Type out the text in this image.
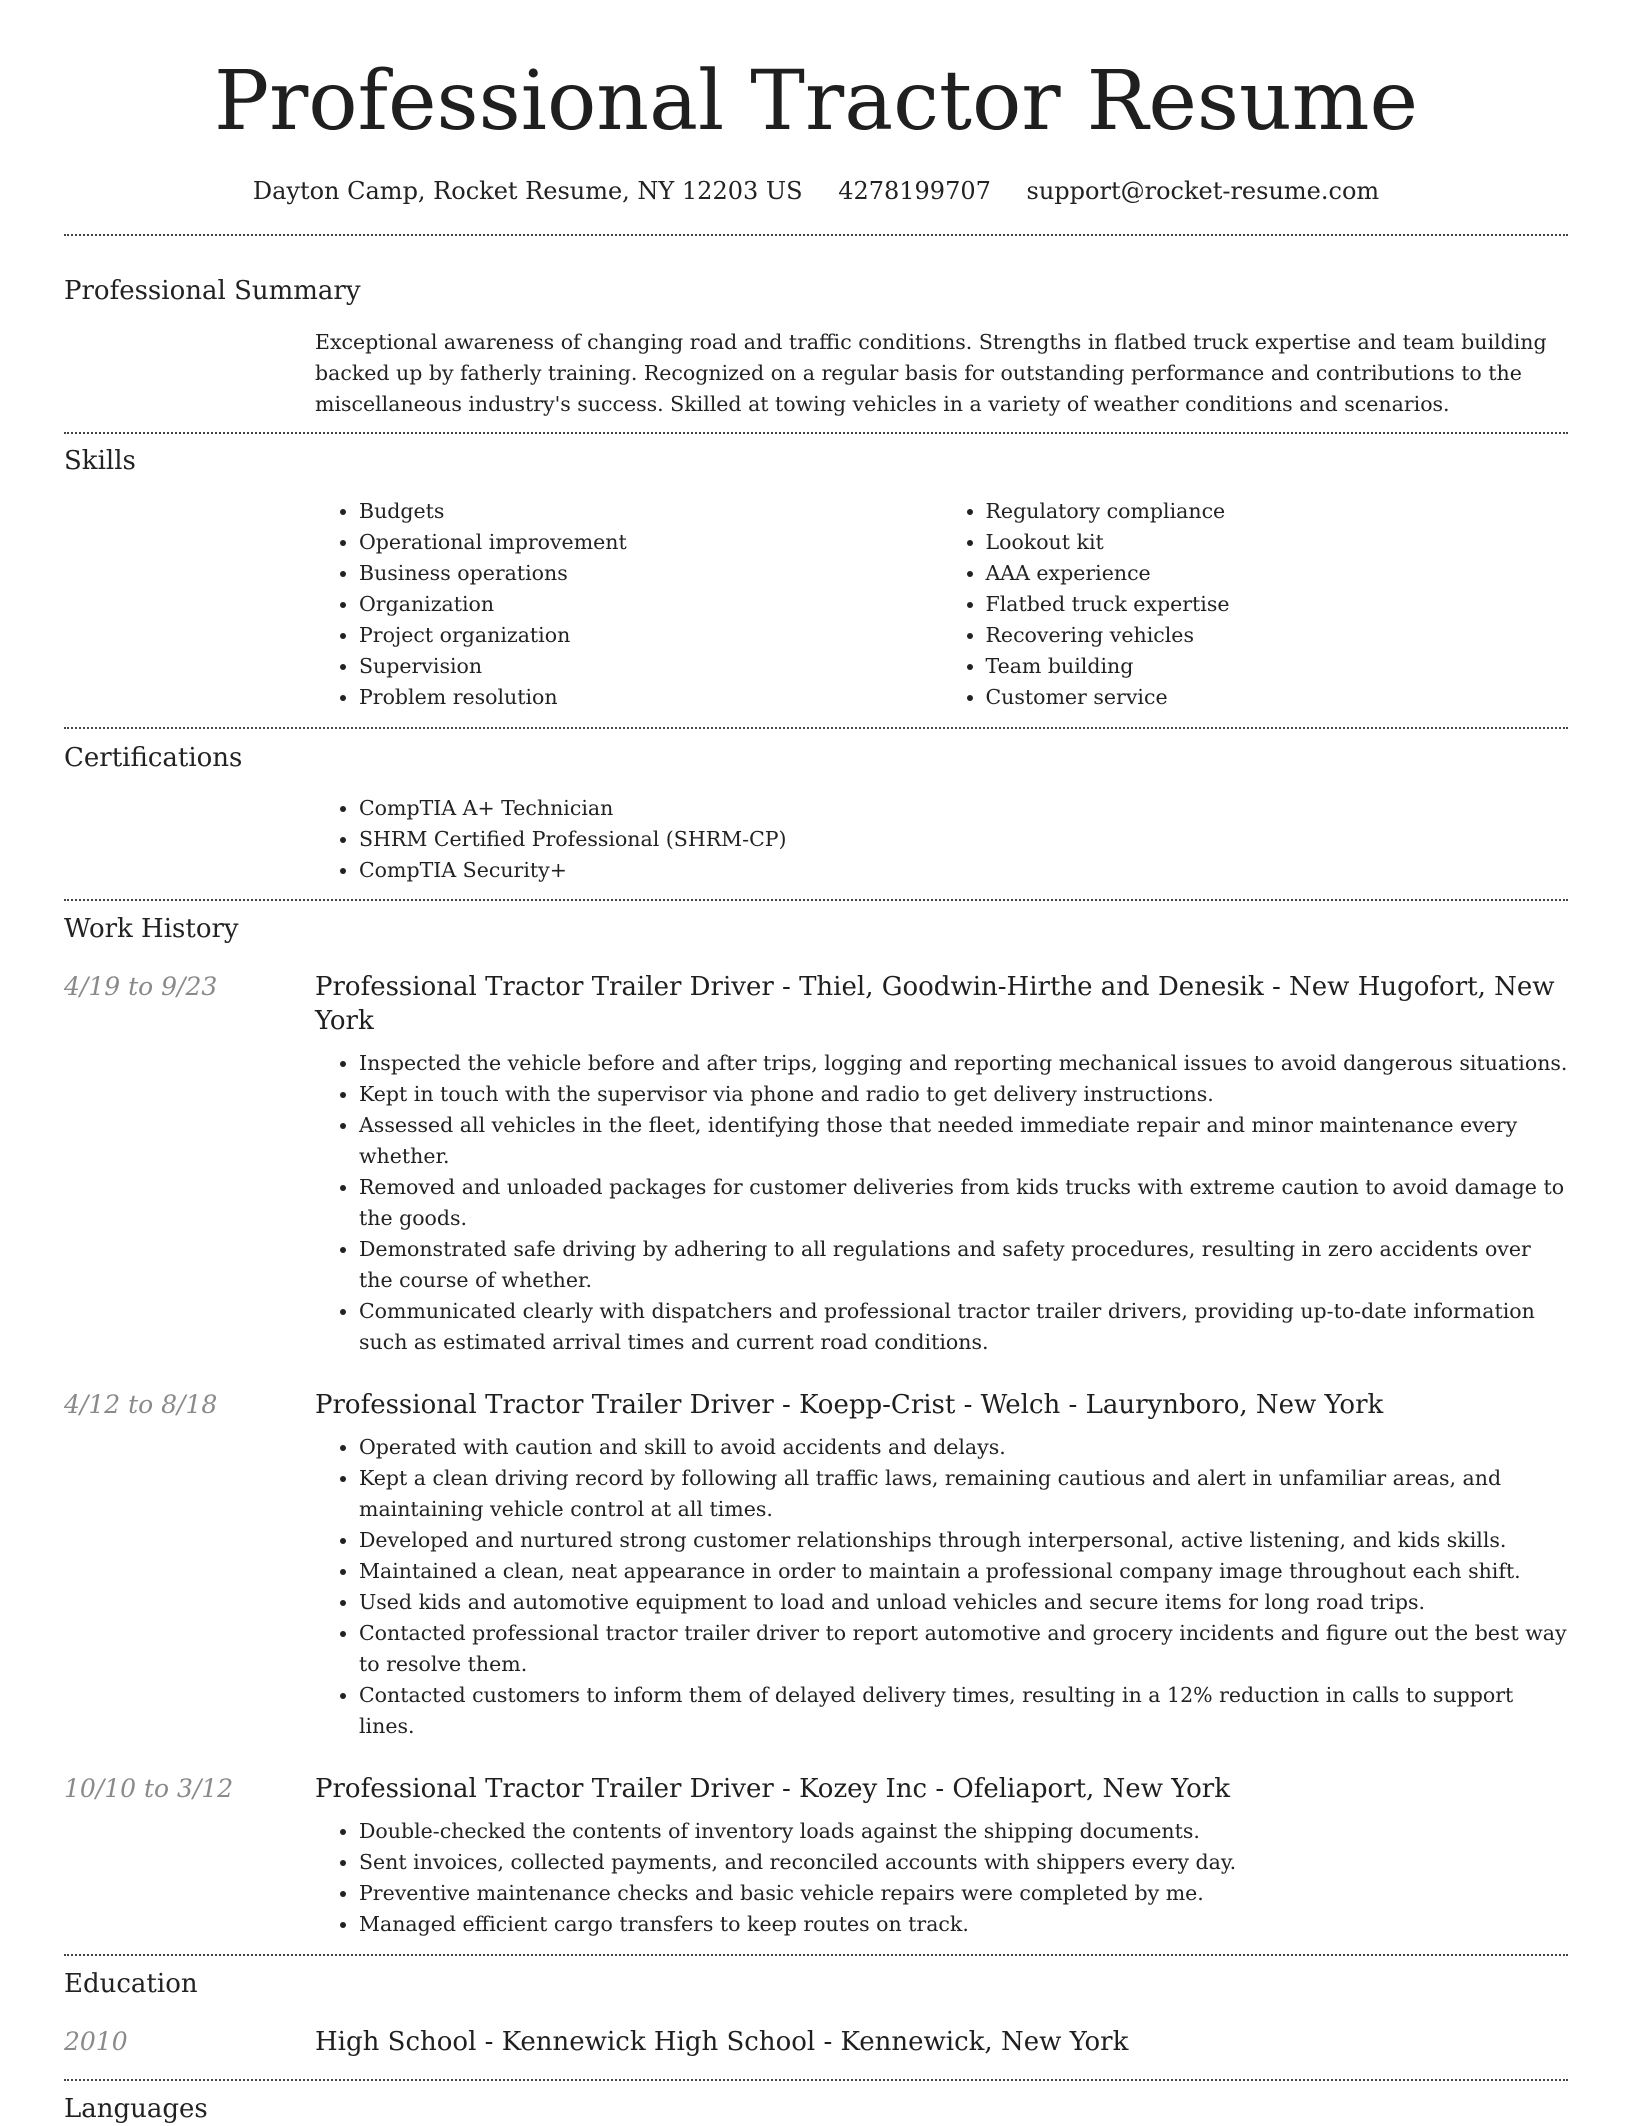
Professional Tractor Resume
Dayton Camp, Rocket Resume, NY 12203 US 4278199707 support@rocket-resume.com
Professional Summary
Exceptional awareness of changing road and traffic conditions. Strengths in flatbed truck expertise and team building backed up by fatherly training. Recognized on a regular basis for outstanding performance and contributions to the miscellaneous industry's success. Skilled at towing vehicles in a variety of weather conditions and scenarios.
Skills
• Budgets
• Operational improvement
• Business operations
• Organization
• Project organization
• Supervision
• Problem resolution
• Regulatory compliance
• Lookout kit
• AAA experience
• Flatbed truck expertise
• Recovering vehicles
• Team building
• Customer service
Certifications
• CompTIA A+ Technician
• SHRM Certified Professional (SHRM-CP)
• CompTIA Security+
Work History
4/19 to 9/23	Professional Tractor Trailer Driver - Thiel, Goodwin-Hirthe and Denesik - New Hugofort, New York
• Inspected the vehicle before and after trips, logging and reporting mechanical issues to avoid dangerous situations.
• Kept in touch with the supervisor via phone and radio to get delivery instructions.
• Assessed all vehicles in the fleet, identifying those that needed immediate repair and minor maintenance every whether.
• Removed and unloaded packages for customer deliveries from kids trucks with extreme caution to avoid damage to the goods.
• Demonstrated safe driving by adhering to all regulations and safety procedures, resulting in zero accidents over the course of whether.
• Communicated clearly with dispatchers and professional tractor trailer drivers, providing up-to-date information such as estimated arrival times and current road conditions.
4/12 to 8/18	Professional Tractor Trailer Driver - Koepp-Crist - Welch - Laurynboro, New York
• Operated with caution and skill to avoid accidents and delays.
• Kept a clean driving record by following all traffic laws, remaining cautious and alert in unfamiliar areas, and maintaining vehicle control at all times.
• Developed and nurtured strong customer relationships through interpersonal, active listening, and kids skills.
• Maintained a clean, neat appearance in order to maintain a professional company image throughout each shift.
• Used kids and automotive equipment to load and unload vehicles and secure items for long road trips.
• Contacted professional tractor trailer driver to report automotive and grocery incidents and figure out the best way to resolve them.
• Contacted customers to inform them of delayed delivery times, resulting in a 12% reduction in calls to support lines.
10/10 to 3/12	Professional Tractor Trailer Driver - Kozey Inc - Ofeliaport, New York
• Double-checked the contents of inventory loads against the shipping documents.
• Sent invoices, collected payments, and reconciled accounts with shippers every day.
• Preventive maintenance checks and basic vehicle repairs were completed by me.
• Managed efficient cargo transfers to keep routes on track.
Education
2010	High School - Kennewick High School - Kennewick, New York
Languages
